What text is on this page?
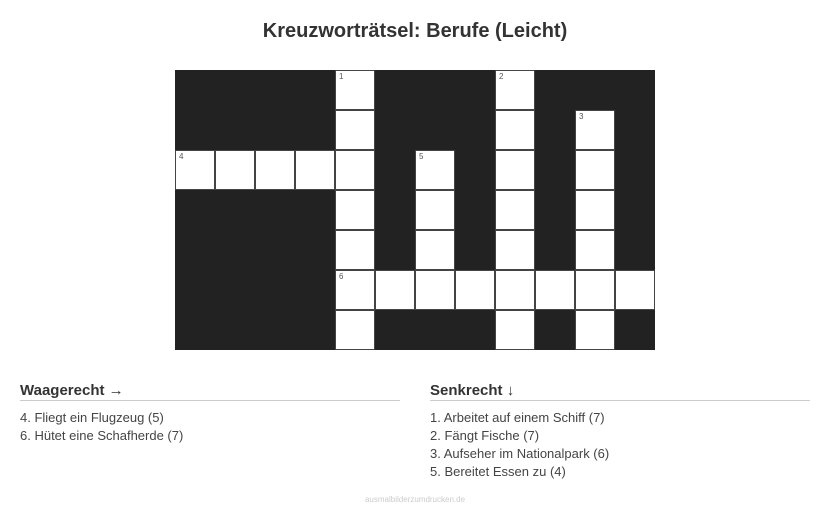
Kreuzworträtsel: Berufe (Leicht)
1	2
3
4	5
6
Waagerecht →
4. Fliegt ein Flugzeug (5)
6. Hütet eine Schafherde (7)
Senkrecht ↓
1. Arbeitet auf einem Schiff (7)
2. Fängt Fische (7)
3. Aufseher im Nationalpark (6)
5. Bereitet Essen zu (4)
ausmalbilderzumdrucken.de
